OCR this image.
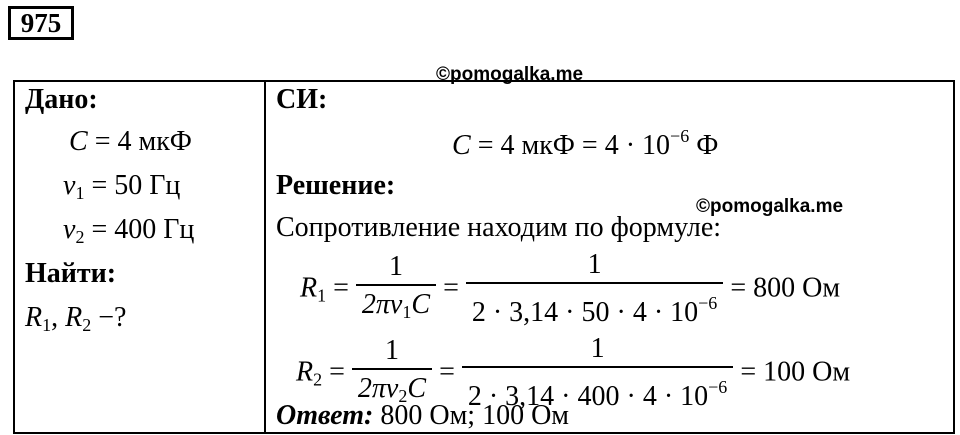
975
©pomogalka.me
©pomogalka.me
Дано:
C = 4 мкФ
$\nu_1 = 50$ Гц
$\nu_2 = 400$ Гц
Найти:
$R_1$, $R_2$ −?

СИ:
C = 4 мкФ = $4 \cdot 10^{-6}$ Ф
Решение:
Сопротивление находим по формуле:
$R_1 = \frac{1}{2\pi\nu_1C} = \frac{1}{2 \cdot 3,14 \cdot 50 \cdot 4 \cdot 10^{-6}} = 800$ Ом
$R_2 = \frac{1}{2\pi\nu_2C} = \frac{1}{2 \cdot 3,14 \cdot 400 \cdot 4 \cdot 10^{-6}} = 100$ Ом
Ответ: 800 Ом; 100 Ом
